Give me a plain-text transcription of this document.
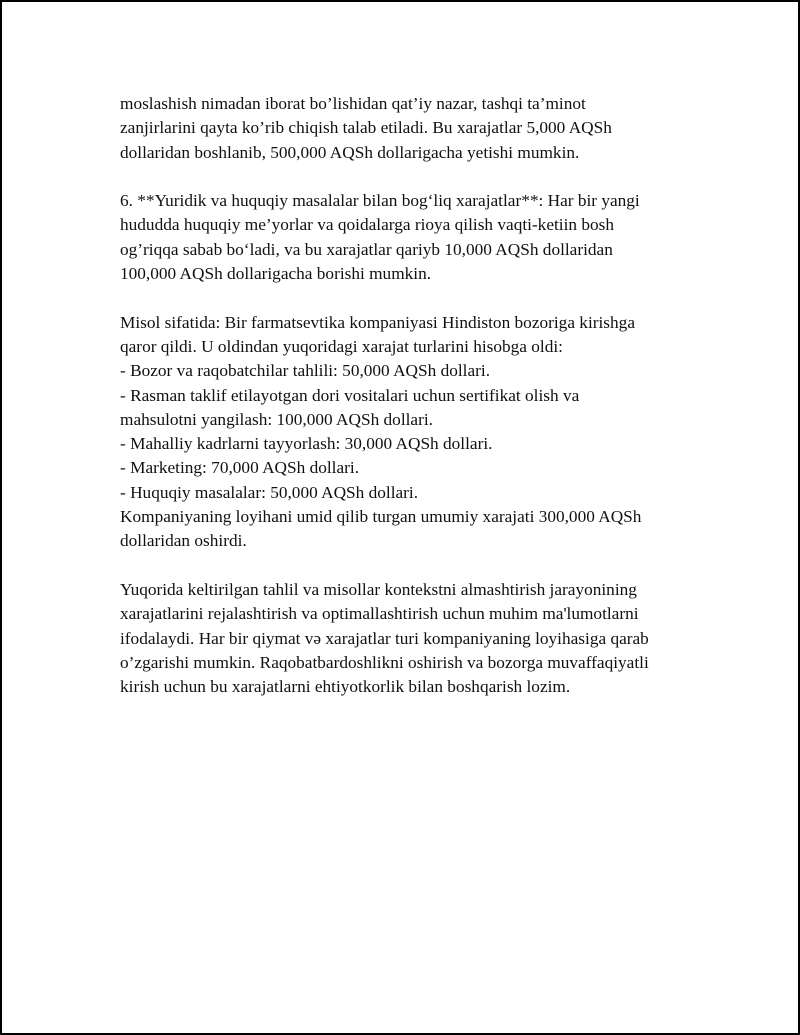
moslashish nimadan iborat bo’lishidan qat’iy nazar, tashqi ta’minot
zanjirlarini qayta ko’rib chiqish talab etiladi. Bu xarajatlar 5,000 AQSh
dollaridan boshlanib, 500,000 AQSh dollarigacha yetishi mumkin.
6. **Yuridik va huquqiy masalalar bilan bog‘liq xarajatlar**: Har bir yangi
hududda huquqiy me’yorlar va qoidalarga rioya qilish vaqti-ketiin bosh
og’riqqa sabab bo‘ladi, va bu xarajatlar qariyb 10,000 AQSh dollaridan
100,000 AQSh dollarigacha borishi mumkin.
Misol sifatida: Bir farmatsevtika kompaniyasi Hindiston bozoriga kirishga
qaror qildi. U oldindan yuqoridagi xarajat turlarini hisobga oldi:
- Bozor va raqobatchilar tahlili: 50,000 AQSh dollari.
- Rasman taklif etilayotgan dori vositalari uchun sertifikat olish va
mahsulotni yangilash: 100,000 AQSh dollari.
- Mahalliy kadrlarni tayyorlash: 30,000 AQSh dollari.
- Marketing: 70,000 AQSh dollari.
- Huquqiy masalalar: 50,000 AQSh dollari.
Kompaniyaning loyihani umid qilib turgan umumiy xarajati 300,000 AQSh
dollaridan oshirdi.
Yuqorida keltirilgan tahlil va misollar kontekstni almashtirish jarayonining
xarajatlarini rejalashtirish va optimallashtirish uchun muhim ma'lumotlarni
ifodalaydi. Har bir qiymat və xarajatlar turi kompaniyaning loyihasiga qarab
o’zgarishi mumkin. Raqobatbardoshlikni oshirish va bozorga muvaffaqiyatli
kirish uchun bu xarajatlarni ehtiyotkorlik bilan boshqarish lozim.
